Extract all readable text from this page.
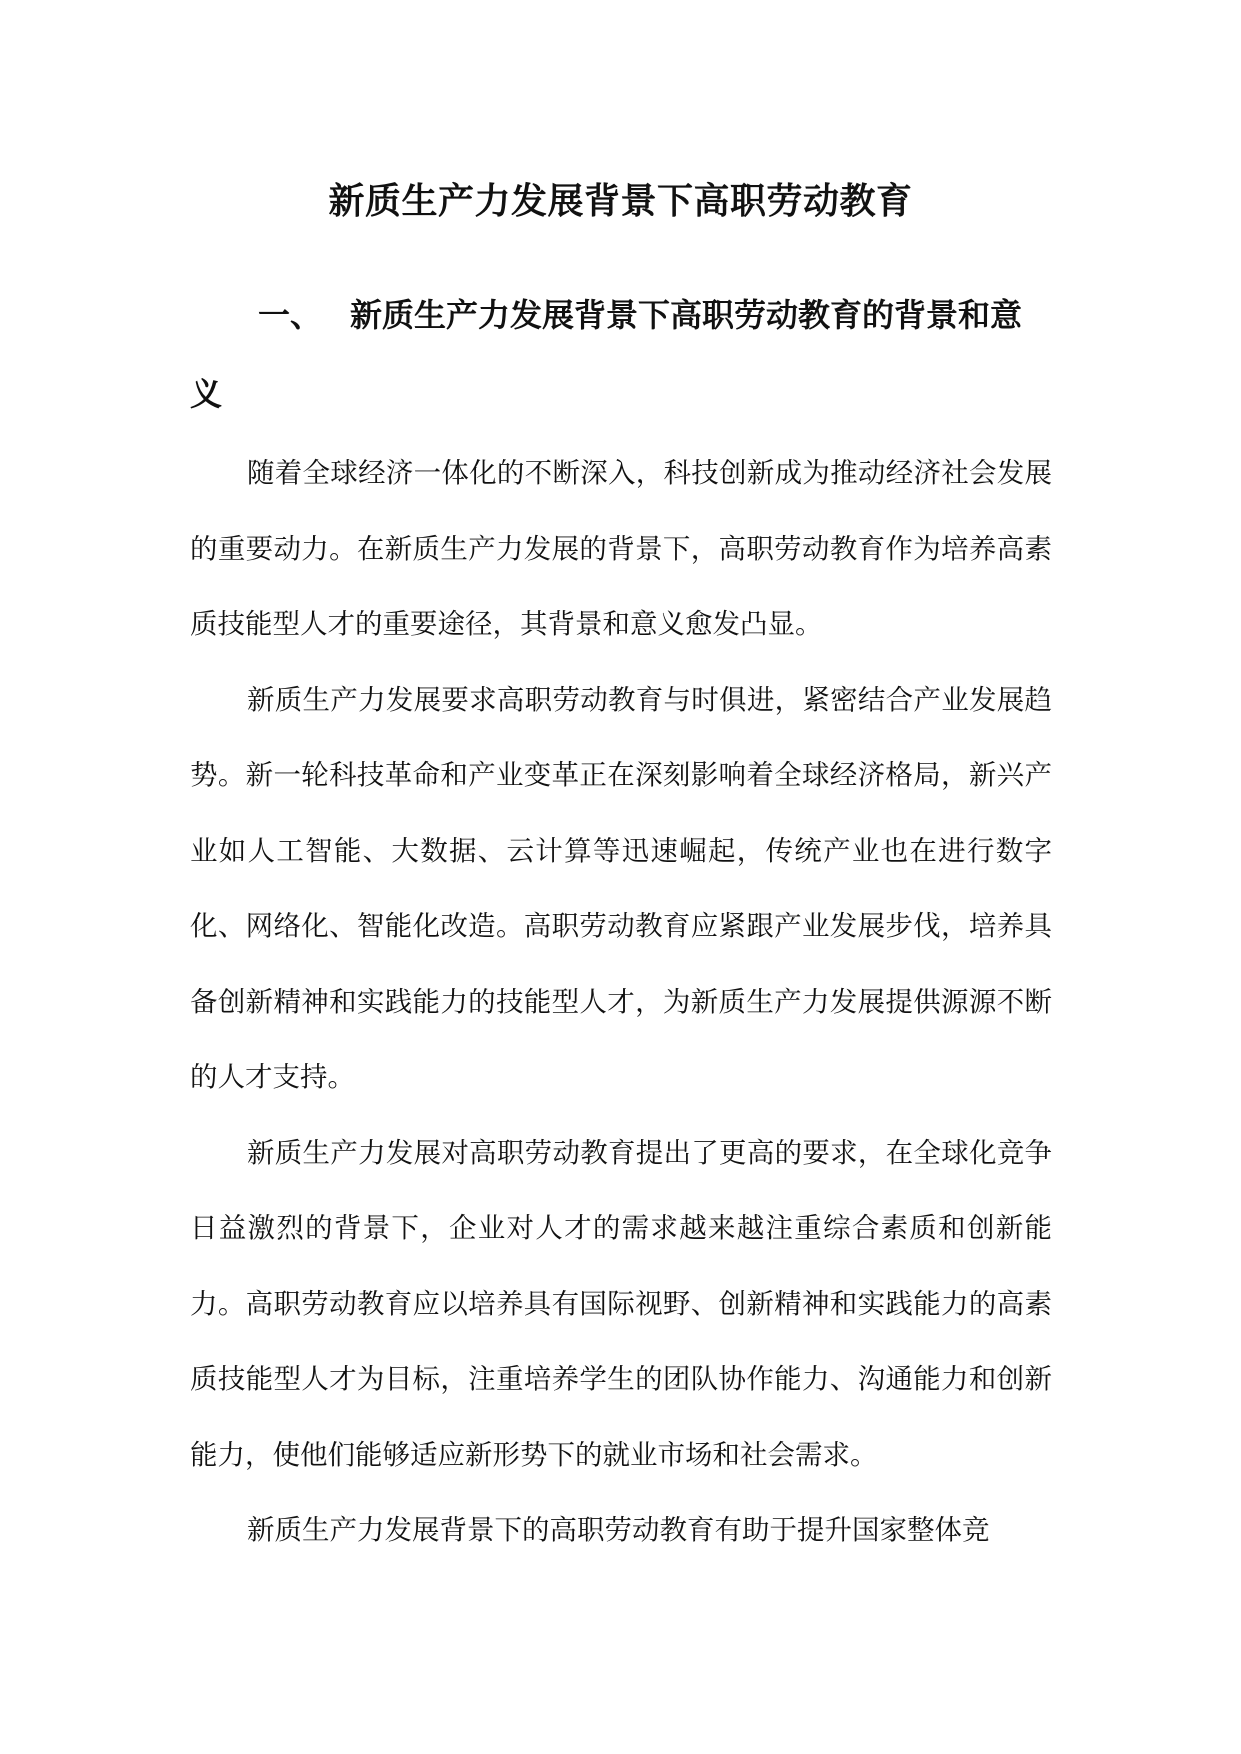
新质生产力发展背景下高职劳动教育
一、 新质生产力发展背景下高职劳动教育的背景和意
义

随着全球经济一体化的不断深入，科技创新成为推动经济社会发展的重要动力。在新质生产力发展的背景下，高职劳动教育作为培养高素质技能型人才的重要途径，其背景和意义愈发凸显。

新质生产力发展要求高职劳动教育与时俱进，紧密结合产业发展趋势。新一轮科技革命和产业变革正在深刻影响着全球经济格局，新兴产业如人工智能、大数据、云计算等迅速崛起，传统产业也在进行数字化、网络化、智能化改造。高职劳动教育应紧跟产业发展步伐，培养具备创新精神和实践能力的技能型人才，为新质生产力发展提供源源不断的人才支持。

新质生产力发展对高职劳动教育提出了更高的要求，在全球化竞争日益激烈的背景下，企业对人才的需求越来越注重综合素质和创新能力。高职劳动教育应以培养具有国际视野、创新精神和实践能力的高素质技能型人才为目标，注重培养学生的团队协作能力、沟通能力和创新能力，使他们能够适应新形势下的就业市场和社会需求。

新质生产力发展背景下的高职劳动教育有助于提升国家整体竞
